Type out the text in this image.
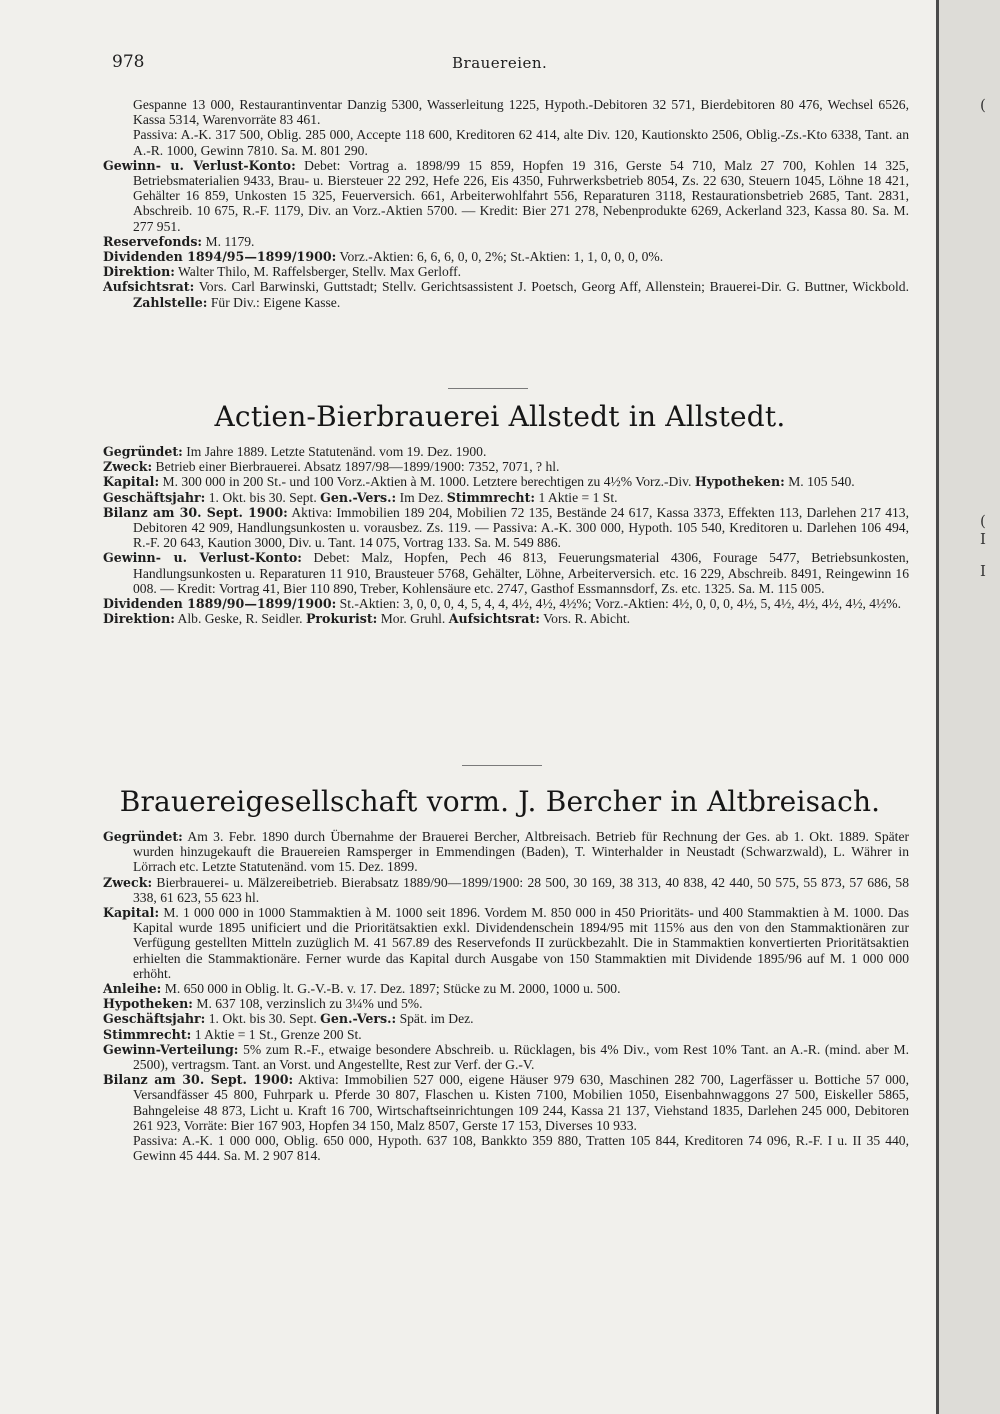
(
(
I
I
978	Brauereien.

Gespanne 13 000, Restaurantinventar Danzig 5300, Wasserleitung 1225, Hypoth.-Debitoren 32 571, Bierdebitoren 80 476, Wechsel 6526, Kassa 5314, Warenvorräte 83 461.

Passiva: A.-K. 317 500, Oblig. 285 000, Accepte 118 600, Kreditoren 62 414, alte Div. 120, Kautionskto 2506, Oblig.-Zs.-Kto 6338, Tant. an A.-R. 1000, Gewinn 7810. Sa. M. 801 290.

Gewinn- u. Verlust-Konto: Debet: Vortrag a. 1898/99 15 859, Hopfen 19 316, Gerste 54 710, Malz 27 700, Kohlen 14 325, Betriebsmaterialien 9433, Brau- u. Biersteuer 22 292, Hefe 226, Eis 4350, Fuhrwerksbetrieb 8054, Zs. 22 630, Steuern 1045, Löhne 18 421, Gehälter 16 859, Unkosten 15 325, Feuerversich. 661, Arbeiterwohlfahrt 556, Reparaturen 3118, Restaurationsbetrieb 2685, Tant. 2831, Abschreib. 10 675, R.-F. 1179, Div. an Vorz.-Aktien 5700. — Kredit: Bier 271 278, Nebenprodukte 6269, Ackerland 323, Kassa 80. Sa. M. 277 951.

Reservefonds: M. 1179.

Dividenden 1894/95—1899/1900: Vorz.-Aktien: 6, 6, 6, 0, 0, 2%; St.-Aktien: 1, 1, 0, 0, 0, 0%.

Direktion: Walter Thilo, M. Raffelsberger, Stellv. Max Gerloff.

Aufsichtsrat: Vors. Carl Barwinski, Guttstadt; Stellv. Gerichtsassistent J. Poetsch, Georg Aff, Allenstein; Brauerei-Dir. G. Buttner, Wickbold. Zahlstelle: Für Div.: Eigene Kasse.

Actien-Bierbrauerei Allstedt in Allstedt.

Gegründet: Im Jahre 1889. Letzte Statutenänd. vom 19. Dez. 1900.

Zweck: Betrieb einer Bierbrauerei. Absatz 1897/98—1899/1900: 7352, 7071, ? hl.

Kapital: M. 300 000 in 200 St.- und 100 Vorz.-Aktien à M. 1000. Letztere berechtigen zu 4½% Vorz.-Div. Hypotheken: M. 105 540.

Geschäftsjahr: 1. Okt. bis 30. Sept. Gen.-Vers.: Im Dez. Stimmrecht: 1 Aktie = 1 St.

Bilanz am 30. Sept. 1900: Aktiva: Immobilien 189 204, Mobilien 72 135, Bestände 24 617, Kassa 3373, Effekten 113, Darlehen 217 413, Debitoren 42 909, Handlungsunkosten u. vorausbez. Zs. 119. — Passiva: A.-K. 300 000, Hypoth. 105 540, Kreditoren u. Darlehen 106 494, R.-F. 20 643, Kaution 3000, Div. u. Tant. 14 075, Vortrag 133. Sa. M. 549 886.

Gewinn- u. Verlust-Konto: Debet: Malz, Hopfen, Pech 46 813, Feuerungsmaterial 4306, Fourage 5477, Betriebsunkosten, Handlungsunkosten u. Reparaturen 11 910, Brausteuer 5768, Gehälter, Löhne, Arbeiterversich. etc. 16 229, Abschreib. 8491, Reingewinn 16 008. — Kredit: Vortrag 41, Bier 110 890, Treber, Kohlensäure etc. 2747, Gasthof Essmannsdorf, Zs. etc. 1325. Sa. M. 115 005.

Dividenden 1889/90—1899/1900: St.-Aktien: 3, 0, 0, 0, 4, 5, 4, 4, 4½, 4½, 4½%; Vorz.-Aktien: 4½, 0, 0, 0, 4½, 5, 4½, 4½, 4½, 4½, 4½%.

Direktion: Alb. Geske, R. Seidler. Prokurist: Mor. Gruhl. Aufsichtsrat: Vors. R. Abicht.

Brauereigesellschaft vorm. J. Bercher in Altbreisach.

Gegründet: Am 3. Febr. 1890 durch Übernahme der Brauerei Bercher, Altbreisach. Betrieb für Rechnung der Ges. ab 1. Okt. 1889. Später wurden hinzugekauft die Brauereien Ramsperger in Emmendingen (Baden), T. Winterhalder in Neustadt (Schwarzwald), L. Währer in Lörrach etc. Letzte Statutenänd. vom 15. Dez. 1899.

Zweck: Bierbrauerei- u. Mälzereibetrieb. Bierabsatz 1889/90—1899/1900: 28 500, 30 169, 38 313, 40 838, 42 440, 50 575, 55 873, 57 686, 58 338, 61 623, 55 623 hl.

Kapital: M. 1 000 000 in 1000 Stammaktien à M. 1000 seit 1896. Vordem M. 850 000 in 450 Prioritäts- und 400 Stammaktien à M. 1000. Das Kapital wurde 1895 unificiert und die Prioritätsaktien exkl. Dividendenschein 1894/95 mit 115% aus den von den Stammaktionären zur Verfügung gestellten Mitteln zuzüglich M. 41 567.89 des Reservefonds II zurückbezahlt. Die in Stammaktien konvertierten Prioritätsaktien erhielten die Stammaktionäre. Ferner wurde das Kapital durch Ausgabe von 150 Stammaktien mit Dividende 1895/96 auf M. 1 000 000 erhöht.

Anleihe: M. 650 000 in Oblig. lt. G.-V.-B. v. 17. Dez. 1897; Stücke zu M. 2000, 1000 u. 500.

Hypotheken: M. 637 108, verzinslich zu 3¼% und 5%.

Geschäftsjahr: 1. Okt. bis 30. Sept. Gen.-Vers.: Spät. im Dez.

Stimmrecht: 1 Aktie = 1 St., Grenze 200 St.

Gewinn-Verteilung: 5% zum R.-F., etwaige besondere Abschreib. u. Rücklagen, bis 4% Div., vom Rest 10% Tant. an A.-R. (mind. aber M. 2500), vertragsm. Tant. an Vorst. und Angestellte, Rest zur Verf. der G.-V.

Bilanz am 30. Sept. 1900: Aktiva: Immobilien 527 000, eigene Häuser 979 630, Maschinen 282 700, Lagerfässer u. Bottiche 57 000, Versandfässer 45 800, Fuhrpark u. Pferde 30 807, Flaschen u. Kisten 7100, Mobilien 1050, Eisenbahnwaggons 27 500, Eiskeller 5865, Bahngeleise 48 873, Licht u. Kraft 16 700, Wirtschaftseinrichtungen 109 244, Kassa 21 137, Viehstand 1835, Darlehen 245 000, Debitoren 261 923, Vorräte: Bier 167 903, Hopfen 34 150, Malz 8507, Gerste 17 153, Diverses 10 933.

Passiva: A.-K. 1 000 000, Oblig. 650 000, Hypoth. 637 108, Bankkto 359 880, Tratten 105 844, Kreditoren 74 096, R.-F. I u. II 35 440, Gewinn 45 444. Sa. M. 2 907 814.
